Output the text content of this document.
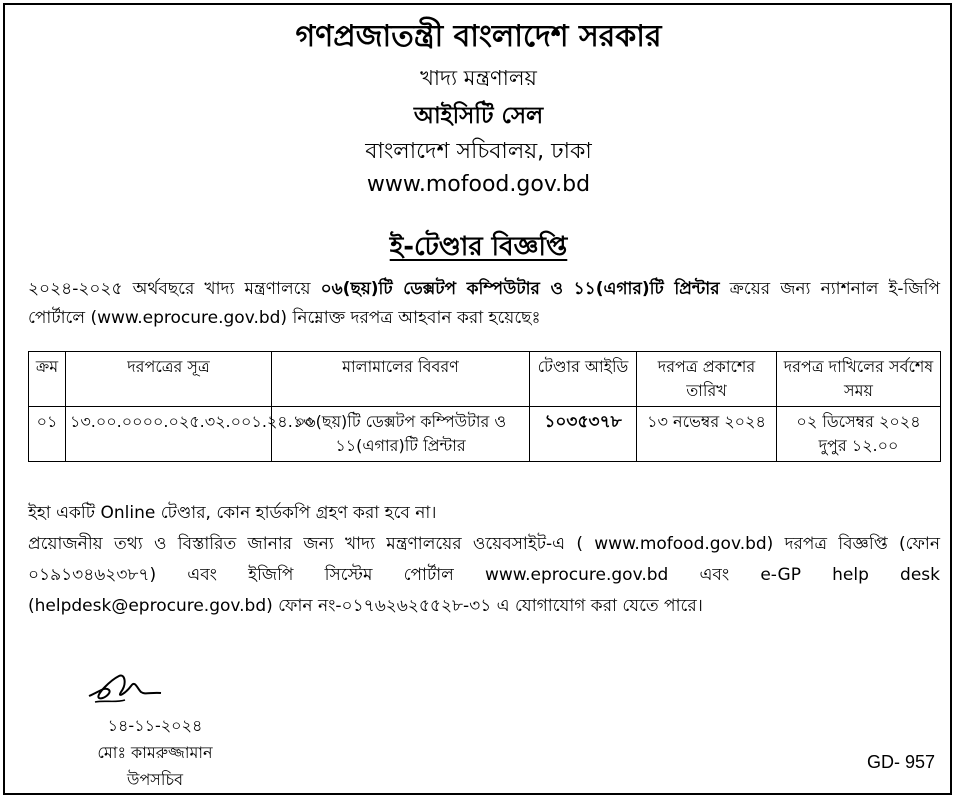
গণপ্রজাতন্ত্রী বাংলাদেশ সরকার
খাদ্য মন্ত্রণালয়
আইসিটি সেল
বাংলাদেশ সচিবালয়, ঢাকা
www.mofood.gov.bd
ই-টেণ্ডার বিজ্ঞপ্তি
২০২৪-২০২৫ অর্থবছরে খাদ্য মন্ত্রণালয়ে ০৬(ছয়)টি ডেক্সটপ কম্পিউটার ও ১১(এগার)টি প্রিন্টার ক্রয়ের জন্য ন্যাশনাল ই-জিপি পোর্টালে (www.eprocure.gov.bd) নিম্নোক্ত দরপত্র আহবান করা হয়েছেঃ
ক্রম	দরপত্রের সূত্র	মালামালের বিবরণ	টেণ্ডার আইডি	দরপত্র প্রকাশের তারিখ	দরপত্র দাখিলের সর্বশেষ সময়
০১	১৩.০০.০০০০.০২৫.৩২.০০১.২৪.১৩	০৬(ছয়)টি ডেক্সটপ কম্পিউটার ও ১১(এগার)টি প্রিন্টার	১০৩৫৩৭৮	১৩ নভেম্বর ২০২৪	০২ ডিসেম্বর ২০২৪ দুপুর ১২.০০

ইহা একটি Online টেণ্ডার, কোন হার্ডকপি গ্রহণ করা হবে না।

প্রয়োজনীয় তথ্য ও বিস্তারিত জানার জন্য খাদ্য মন্ত্রণালয়ের ওয়েবসাইট-এ ( www.mofood.gov.bd) দরপত্র বিজ্ঞপ্তি (ফোন ০১৯১৩৪৬২৩৮৭) এবং ইজিপি সিস্টেম পোর্টাল www.eprocure.gov.bd এবং e-GP help desk (helpdesk@eprocure.gov.bd) ফোন নং-০১৭৬২৬২৫৫২৮-৩১ এ যোগাযোগ করা যেতে পারে।

১৪-১১-২০২৪
মোঃ কামরুজ্জামান
উপসচিব
GD- 957
